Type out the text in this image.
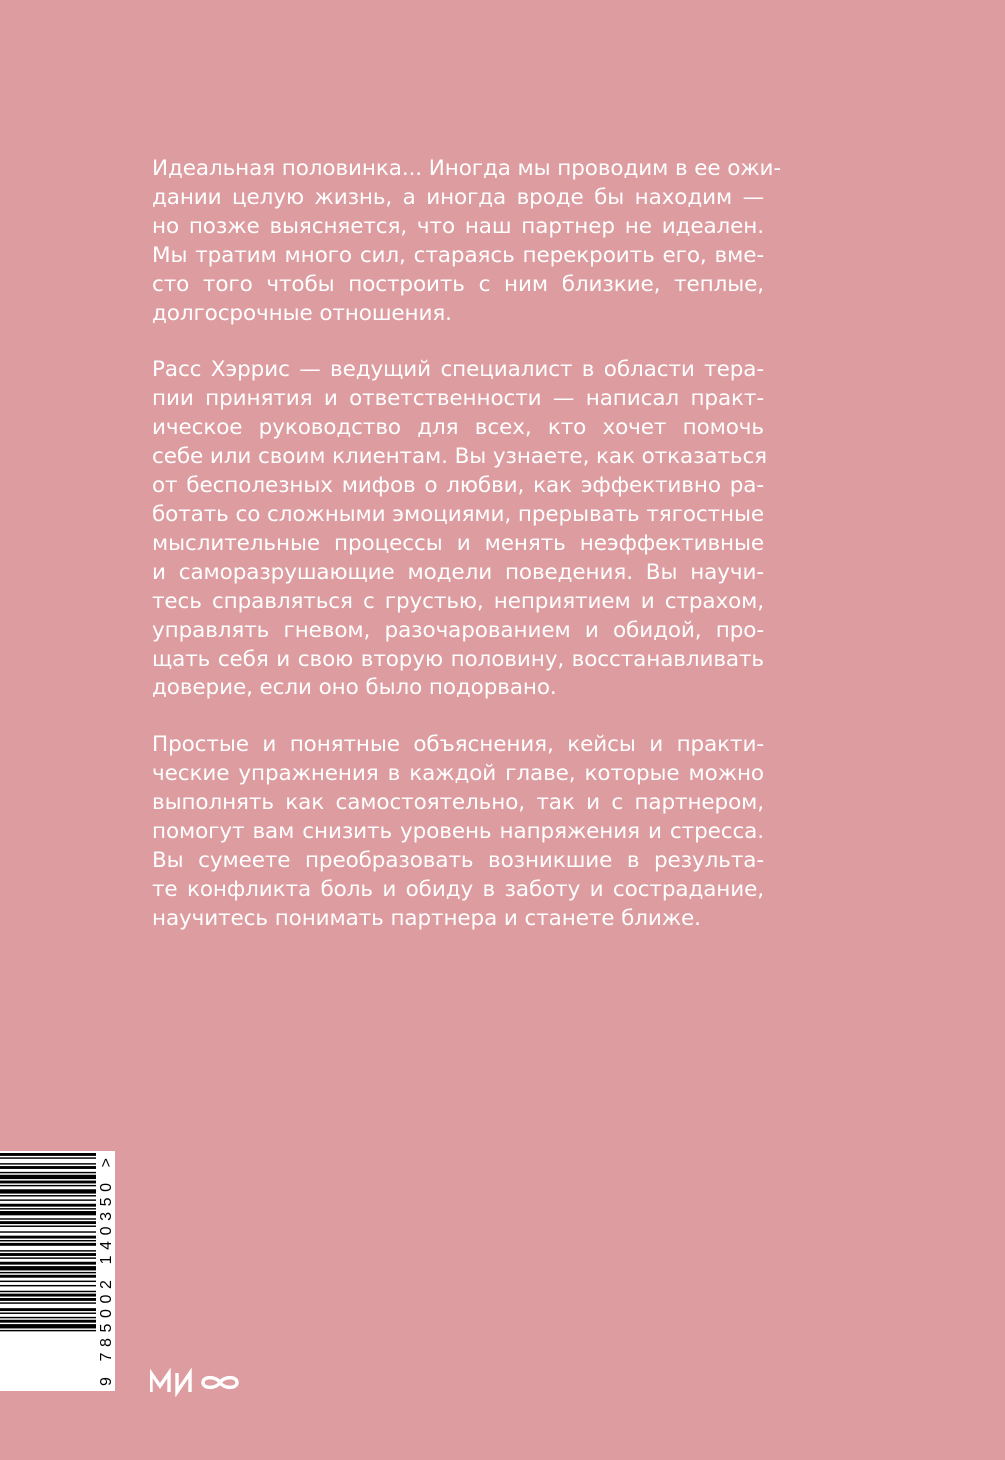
Идеальная половинка... Иногда мы проводим в ее ожи-
дании целую жизнь, а иногда вроде бы находим —
но позже выясняется, что наш партнер не идеален.
Мы тратим много сил, стараясь перекроить его, вме-
сто того чтобы построить с ним близкие, теплые,
долгосрочные отношения.

Расс Хэррис — ведущий специалист в области тера-
пии принятия и ответственности — написал практ-
ическое руководство для всех, кто хочет помочь
себе или своим клиентам. Вы узнаете, как отказаться
от бесполезных мифов о любви, как эффективно ра-
ботать со сложными эмоциями, прерывать тягостные
мыслительные процессы и менять неэффективные
и саморазрушающие модели поведения. Вы научи-
тесь справляться с грустью, неприятием и страхом,
управлять гневом, разочарованием и обидой, про-
щать себя и свою вторую половину, восстанавливать
доверие, если оно было подорвано.

Простые и понятные объяснения, кейсы и практи-
ческие упражнения в каждой главе, которые можно
выполнять как самостоятельно, так и с партнером,
помогут вам снизить уровень напряжения и стресса.
Вы сумеете преобразовать возникшие в результа-
те конфликта боль и обиду в заботу и сострадание,
научитесь понимать партнера и станете ближе.

9 785002 140350 >
